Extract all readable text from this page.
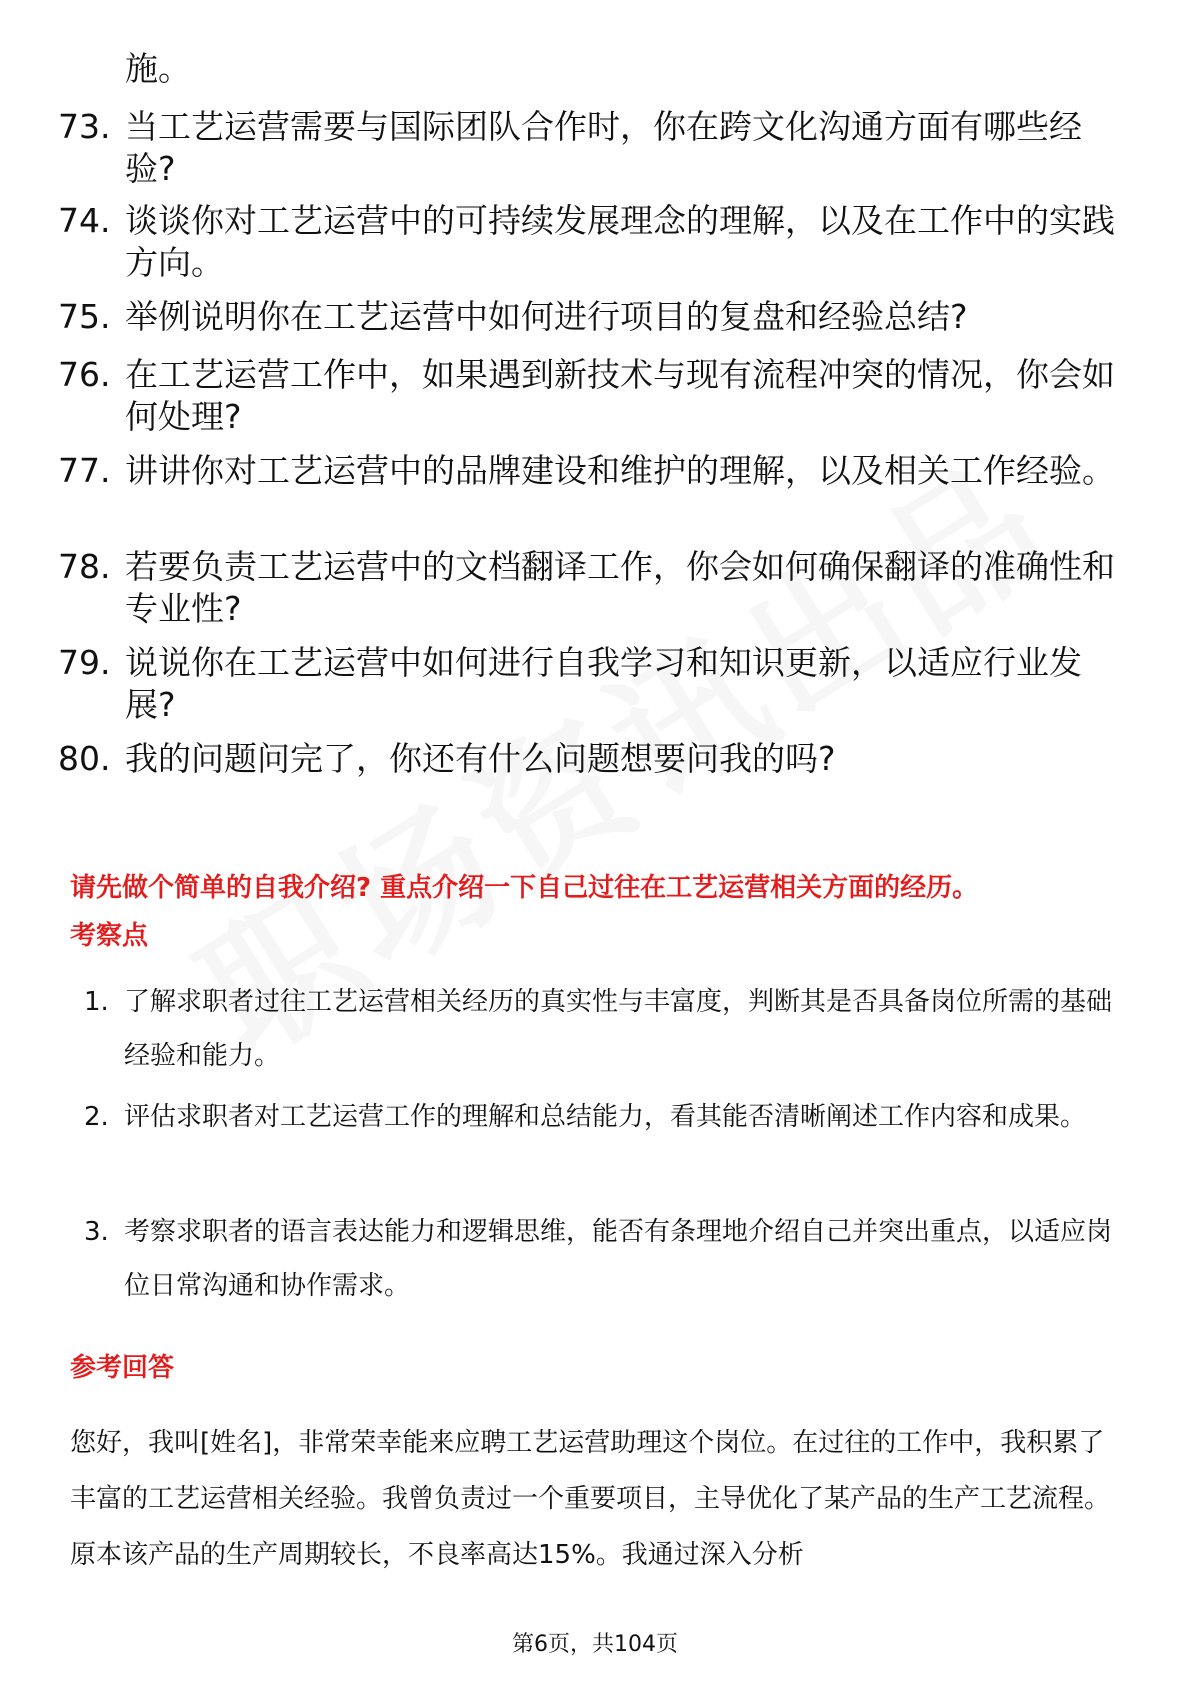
施。
73. 当工艺运营需要与国际团队合作时，你在跨文化沟通方面有哪些经验?
74. 谈谈你对工艺运营中的可持续发展理念的理解，以及在工作中的实践方向。
75. 举例说明你在工艺运营中如何进行项目的复盘和经验总结?
76. 在工艺运营工作中，如果遇到新技术与现有流程冲突的情况，你会如何处理?
77. 讲讲你对工艺运营中的品牌建设和维护的理解，以及相关工作经验。
78. 若要负责工艺运营中的文档翻译工作，你会如何确保翻译的准确性和专业性?
79. 说说你在工艺运营中如何进行自我学习和知识更新，以适应行业发展?
80. 我的问题问完了，你还有什么问题想要问我的吗?
请先做个简单的自我介绍? 重点介绍一下自己过往在工艺运营相关方面的经历。
考察点
1. 了解求职者过往工艺运营相关经历的真实性与丰富度，判断其是否具备岗位所需的基础经验和能力。
2. 评估求职者对工艺运营工作的理解和总结能力，看其能否清晰阐述工作内容和成果。
3. 考察求职者的语言表达能力和逻辑思维，能否有条理地介绍自己并突出重点，以适应岗位日常沟通和协作需求。
参考回答
您好，我叫[姓名]，非常荣幸能来应聘工艺运营助理这个岗位。在过往的工作中，我积累了丰富的工艺运营相关经验。我曾负责过一个重要项目，主导优化了某产品的生产工艺流程。原本该产品的生产周期较长，不良率高达15%。我通过深入分析
第6页，共104页
